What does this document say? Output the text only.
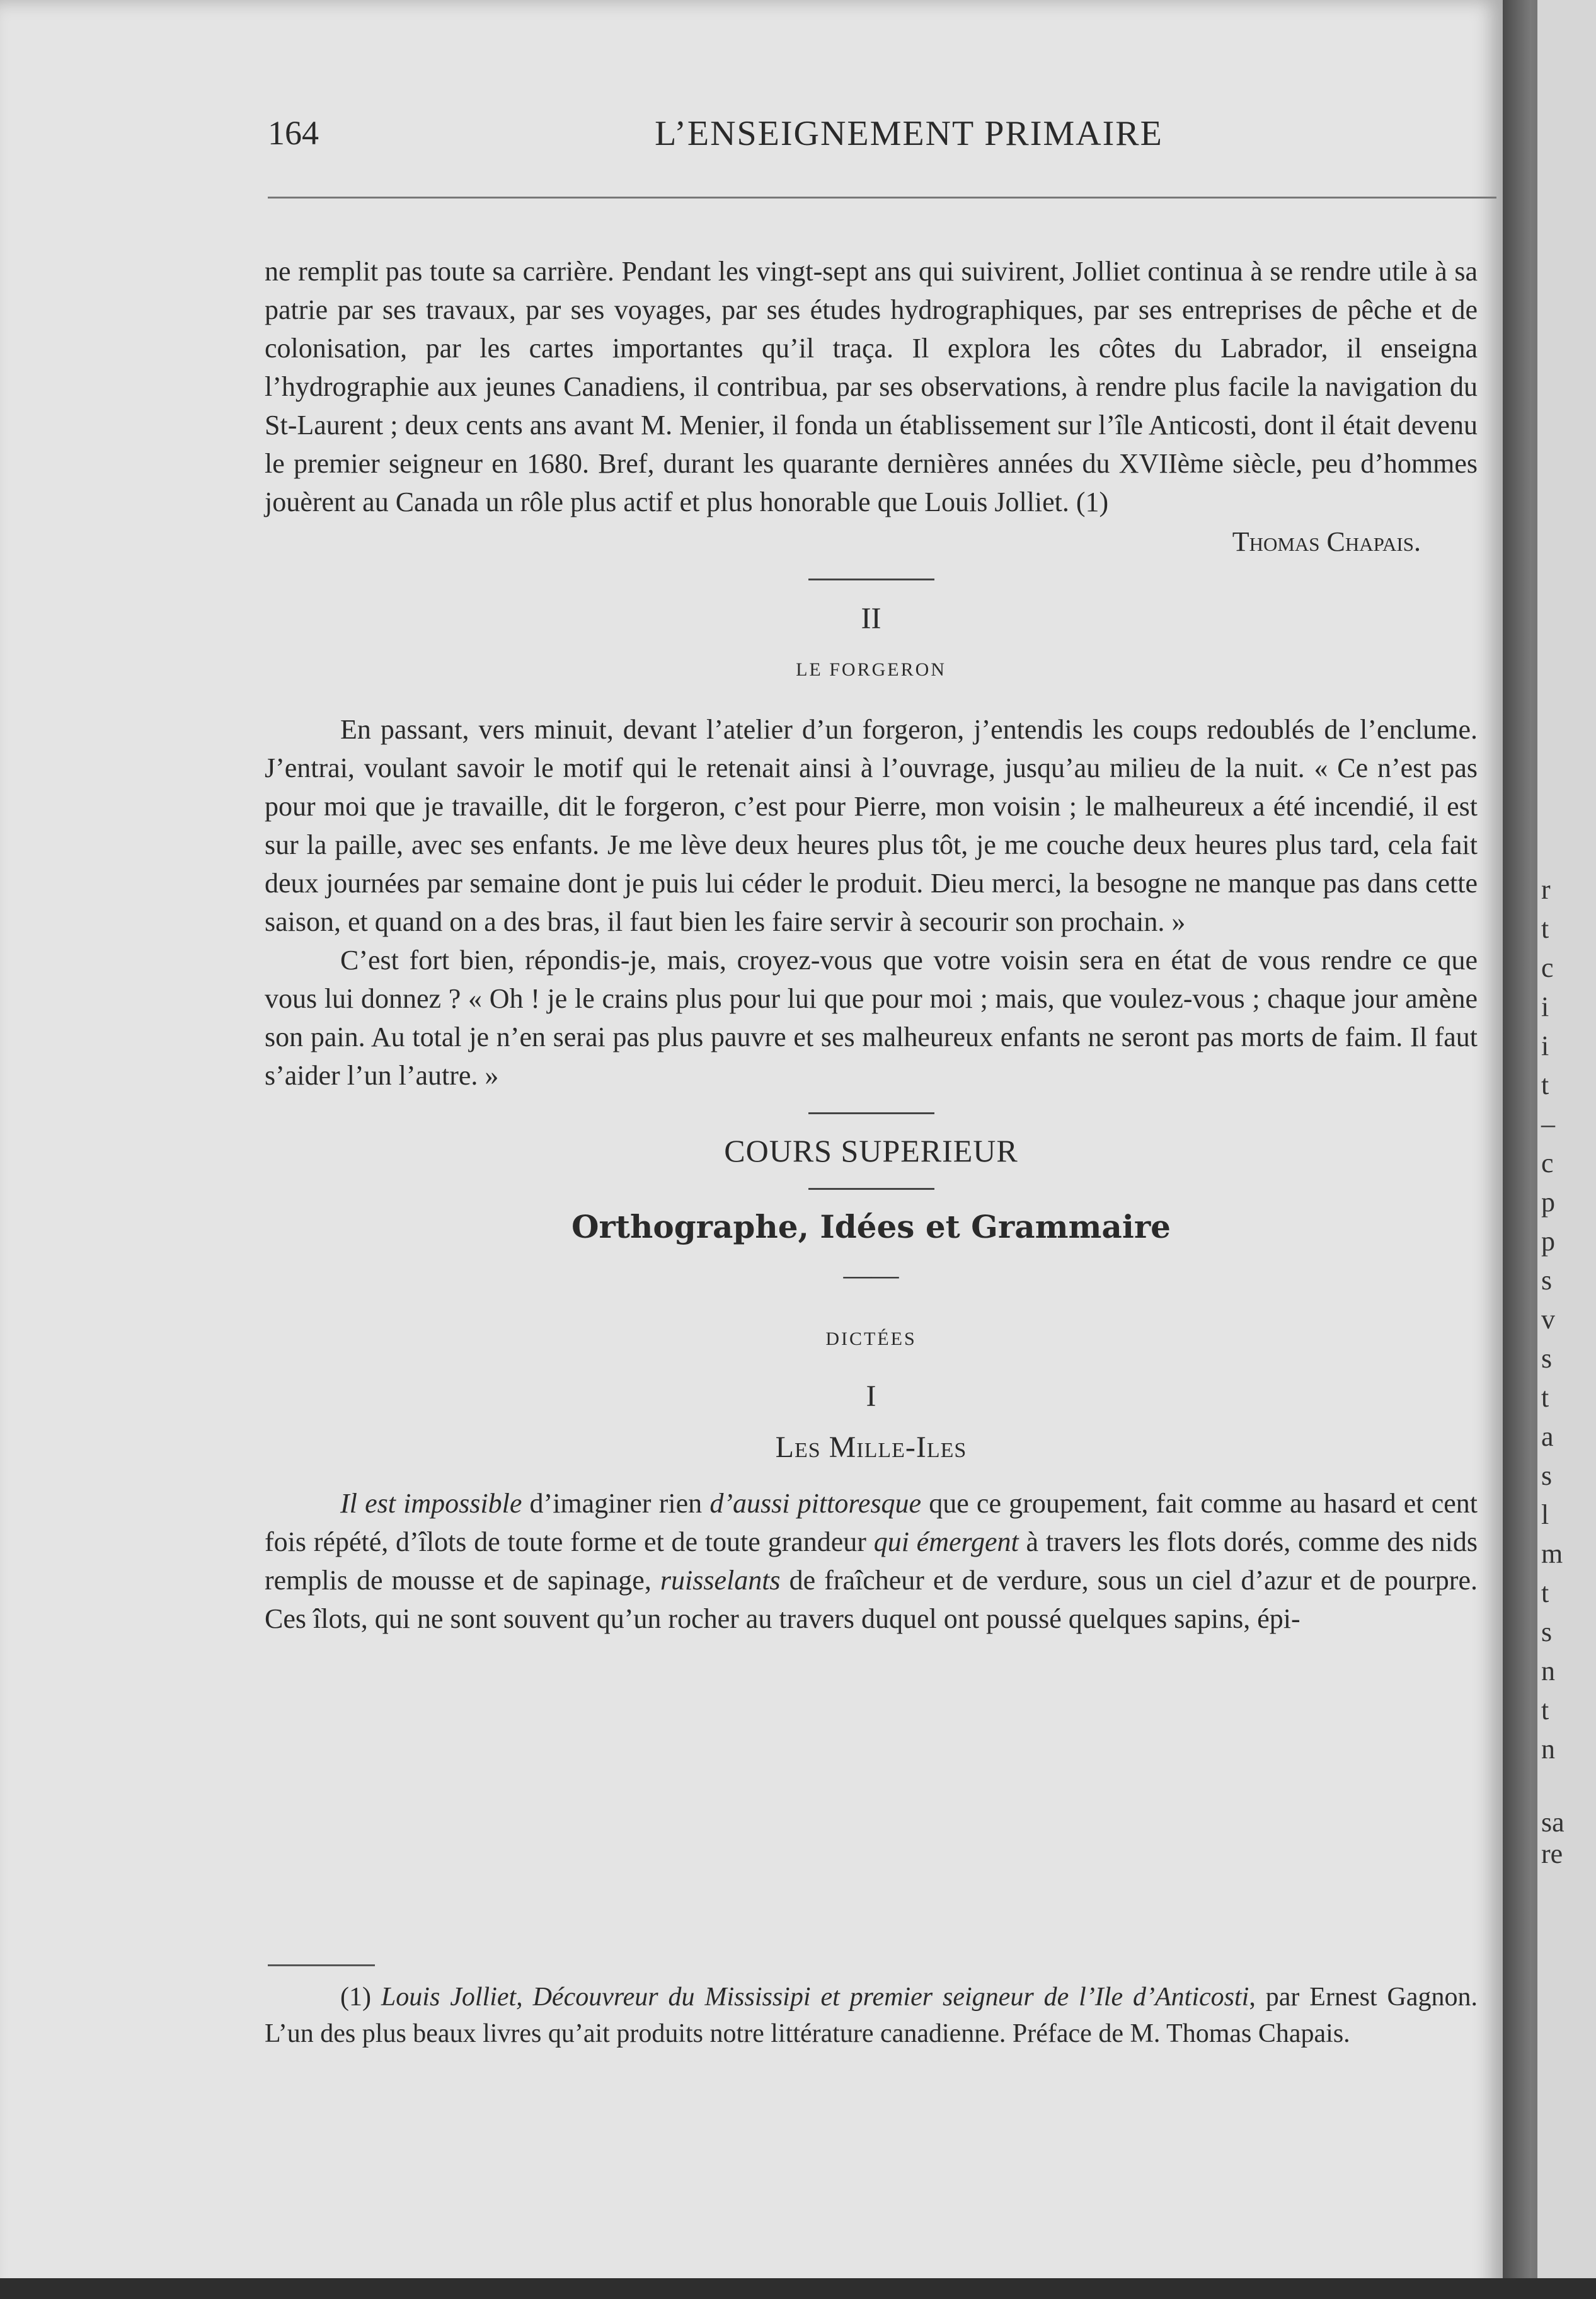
164	L’ENSEIGNEMENT PRIMAIRE

ne remplit pas toute sa carrière. Pendant les vingt-sept ans qui suivirent, Jolliet continua à se rendre utile à sa patrie par ses travaux, par ses voyages, par ses études hydrographiques, par ses entreprises de pêche et de colonisation, par les cartes importantes qu’il traça. Il explora les côtes du Labrador, il enseigna l’hydrographie aux jeunes Canadiens, il contribua, par ses observations, à rendre plus facile la navigation du St-Laurent ; deux cents ans avant M. Menier, il fonda un établissement sur l’île Anticosti, dont il était devenu le premier seigneur en 1680. Bref, durant les quarante dernières années du XVIIème siècle, peu d’hommes jouèrent au Canada un rôle plus actif et plus honorable que Louis Jolliet. (1)

Thomas Chapais.
II
LE FORGERON

En passant, vers minuit, devant l’atelier d’un forgeron, j’entendis les coups redoublés de l’enclume. J’entrai, voulant savoir le motif qui le retenait ainsi à l’ouvrage, jusqu’au milieu de la nuit. « Ce n’est pas pour moi que je travaille, dit le forgeron, c’est pour Pierre, mon voisin ; le malheureux a été incendié, il est sur la paille, avec ses enfants. Je me lève deux heures plus tôt, je me couche deux heures plus tard, cela fait deux journées par semaine dont je puis lui céder le produit. Dieu merci, la besogne ne manque pas dans cette saison, et quand on a des bras, il faut bien les faire servir à secourir son prochain. »

C’est fort bien, répondis-je, mais, croyez-vous que votre voisin sera en état de vous rendre ce que vous lui donnez ? « Oh ! je le crains plus pour lui que pour moi ; mais, que voulez-vous ; chaque jour amène son pain. Au total je n’en serai pas plus pauvre et ses malheureux enfants ne seront pas morts de faim. Il faut s’aider l’un l’autre. »

COURS SUPERIEUR
Orthographe, Idées et Grammaire
——
DICTÉES
I
Les Mille-Iles

Il est impossible d’imaginer rien d’aussi pittoresque que ce groupement, fait comme au hasard et cent fois répété, d’îlots de toute forme et de toute grandeur qui émergent à travers les flots dorés, comme des nids remplis de mousse et de sapinage, ruisselants de fraîcheur et de verdure, sous un ciel d’azur et de pourpre. Ces îlots, qui ne sont souvent qu’un rocher au travers duquel ont poussé quelques sapins, épi-

(1) Louis Jolliet, Découvreur du Mississipi et premier seigneur de l’Ile d’Anticosti, par Ernest Gagnon. L’un des plus beaux livres qu’ait produits notre littérature canadienne. Préface de M. Thomas Chapais.

r
t
c
i
i
t
–
c
p
p
s
v
s
t
a
s
l
m
t
s
n
t
n
sa
re
